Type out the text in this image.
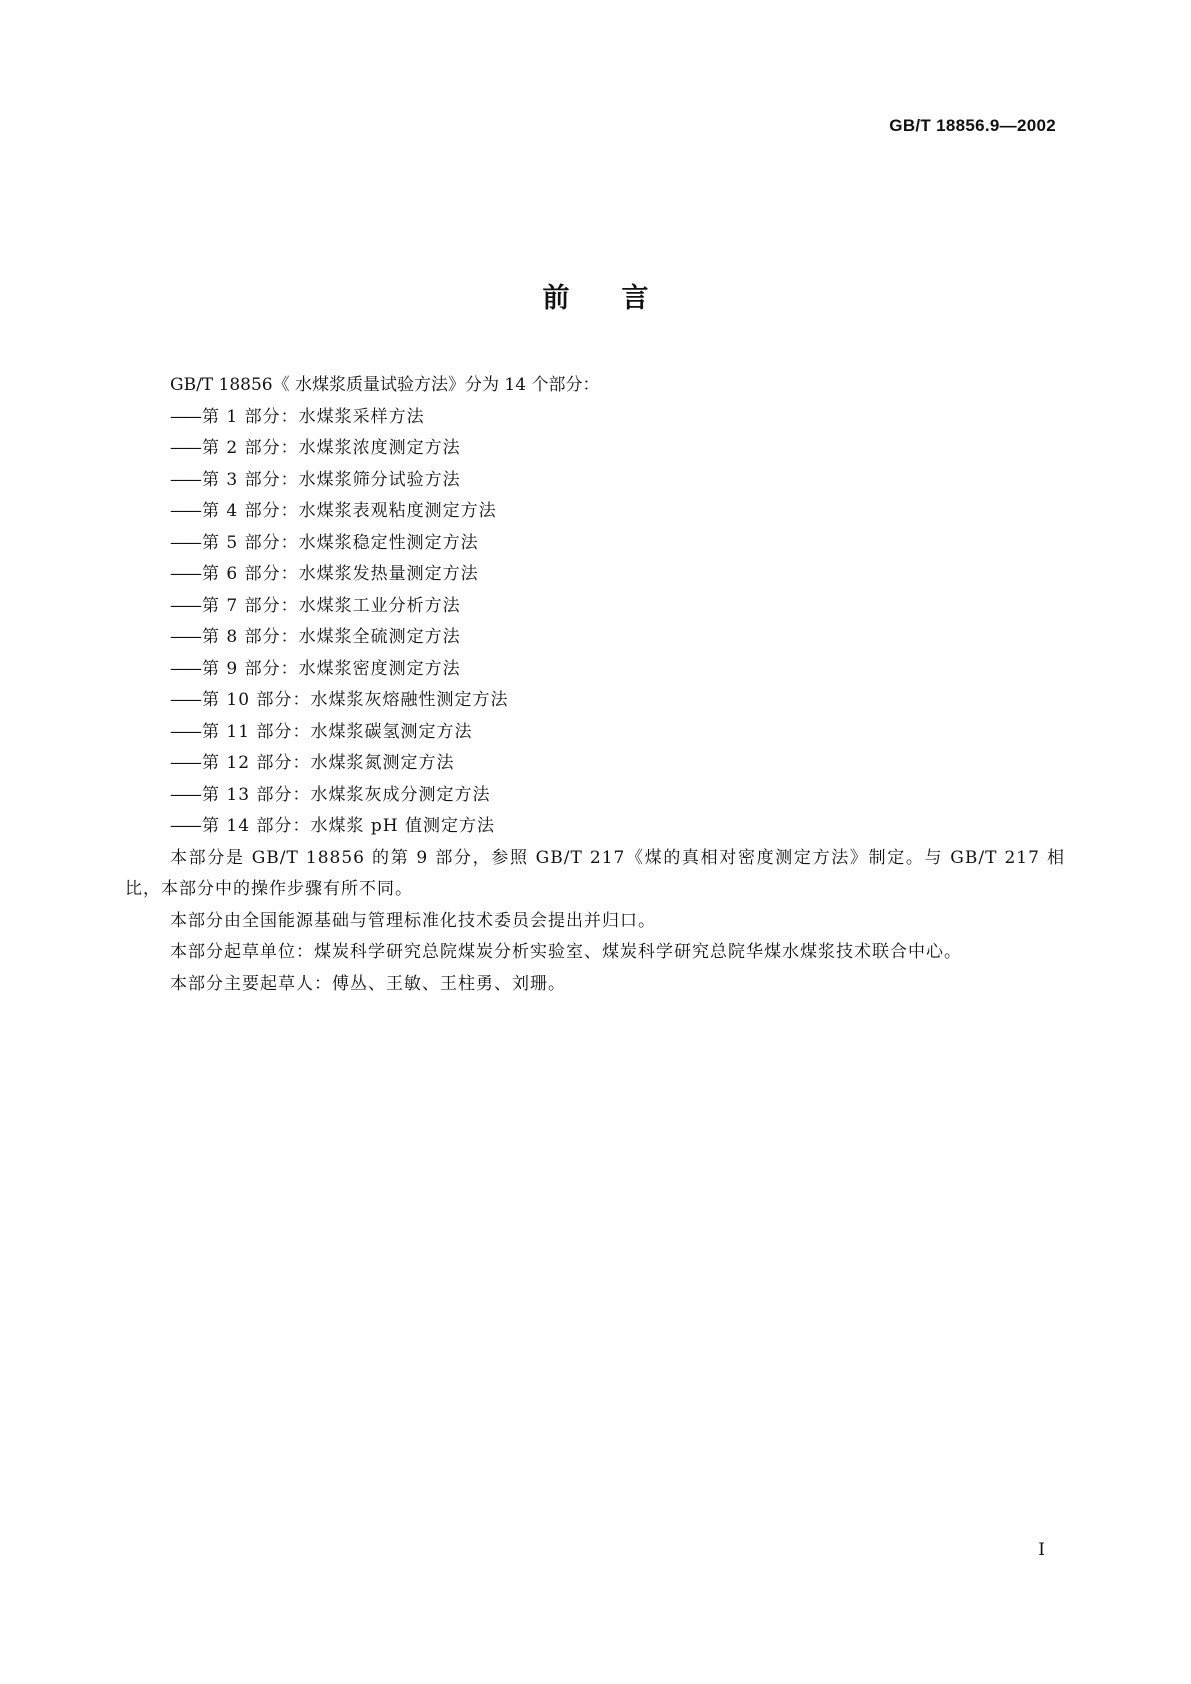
GB/T 18856.9—2002
前言
GB/T 18856《 水煤浆质量试验方法》分为 14 个部分：
—— 第 1 部分：水煤浆采样方法
—— 第 2 部分：水煤浆浓度测定方法
—— 第 3 部分：水煤浆筛分试验方法
—— 第 4 部分：水煤浆表观粘度测定方法
—— 第 5 部分：水煤浆稳定性测定方法
—— 第 6 部分：水煤浆发热量测定方法
—— 第 7 部分：水煤浆工业分析方法
—— 第 8 部分：水煤浆全硫测定方法
—— 第 9 部分：水煤浆密度测定方法
—— 第 10 部分：水煤浆灰熔融性测定方法
—— 第 11 部分：水煤浆碳氢测定方法
—— 第 12 部分：水煤浆氮测定方法
—— 第 13 部分：水煤浆灰成分测定方法
—— 第 14 部分：水煤浆 pH 值测定方法

本部分是 GB/T 18856 的第 9 部分，参照 GB/T 217《煤的真相对密度测定方法》制定。与 GB/T 217 相比，本部分中的操作步骤有所不同。

本部分由全国能源基础与管理标准化技术委员会提出并归口。

本部分起草单位：煤炭科学研究总院煤炭分析实验室、煤炭科学研究总院华煤水煤浆技术联合中心。

本部分主要起草人：傅丛、王敏、王柱勇、刘珊。

I
